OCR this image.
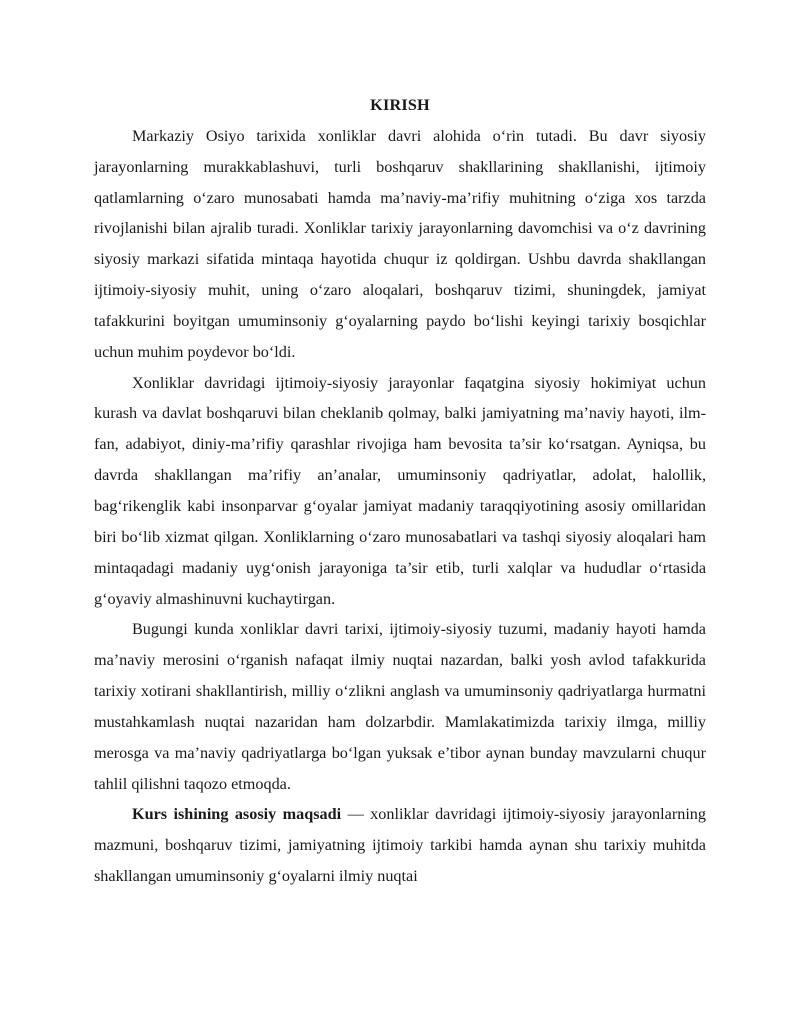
KIRISH

Markaziy Osiyo tarixida xonliklar davri alohida o‘rin tutadi. Bu davr siyosiy jarayonlarning murakkablashuvi, turli boshqaruv shakllarining shakllanishi, ijtimoiy qatlamlarning o‘zaro munosabati hamda ma’naviy-ma’rifiy muhitning o‘ziga xos tarzda rivojlanishi bilan ajralib turadi. Xonliklar tarixiy jarayonlarning davomchisi va o‘z davrining siyosiy markazi sifatida mintaqa hayotida chuqur iz qoldirgan. Ushbu davrda shakllangan ijtimoiy-siyosiy muhit, uning o‘zaro aloqalari, boshqaruv tizimi, shuningdek, jamiyat tafakkurini boyitgan umuminsoniy g‘oyalarning paydo bo‘lishi keyingi tarixiy bosqichlar uchun muhim poydevor bo‘ldi.

Xonliklar davridagi ijtimoiy-siyosiy jarayonlar faqatgina siyosiy hokimiyat uchun kurash va davlat boshqaruvi bilan cheklanib qolmay, balki jamiyatning ma’naviy hayoti, ilm-fan, adabiyot, diniy-ma’rifiy qarashlar rivojiga ham bevosita ta’sir ko‘rsatgan. Ayniqsa, bu davrda shakllangan ma’rifiy an’analar, umuminsoniy qadriyatlar, adolat, halollik, bag‘rikenglik kabi insonparvar g‘oyalar jamiyat madaniy taraqqiyotining asosiy omillaridan biri bo‘lib xizmat qilgan. Xonliklarning o‘zaro munosabatlari va tashqi siyosiy aloqalari ham mintaqadagi madaniy uyg‘onish jarayoniga ta’sir etib, turli xalqlar va hududlar o‘rtasida g‘oyaviy almashinuvni kuchaytirgan.

Bugungi kunda xonliklar davri tarixi, ijtimoiy-siyosiy tuzumi, madaniy hayoti hamda ma’naviy merosini o‘rganish nafaqat ilmiy nuqtai nazardan, balki yosh avlod tafakkurida tarixiy xotirani shakllantirish, milliy o‘zlikni anglash va umuminsoniy qadriyatlarga hurmatni mustahkamlash nuqtai nazaridan ham dolzarbdir. Mamlakatimizda tarixiy ilmga, milliy merosga va ma’naviy qadriyatlarga bo‘lgan yuksak e’tibor aynan bunday mavzularni chuqur tahlil qilishni taqozo etmoqda.

Kurs ishining asosiy maqsadi — xonliklar davridagi ijtimoiy-siyosiy jarayonlarning mazmuni, boshqaruv tizimi, jamiyatning ijtimoiy tarkibi hamda aynan shu tarixiy muhitda shakllangan umuminsoniy g‘oyalarni ilmiy nuqtai
